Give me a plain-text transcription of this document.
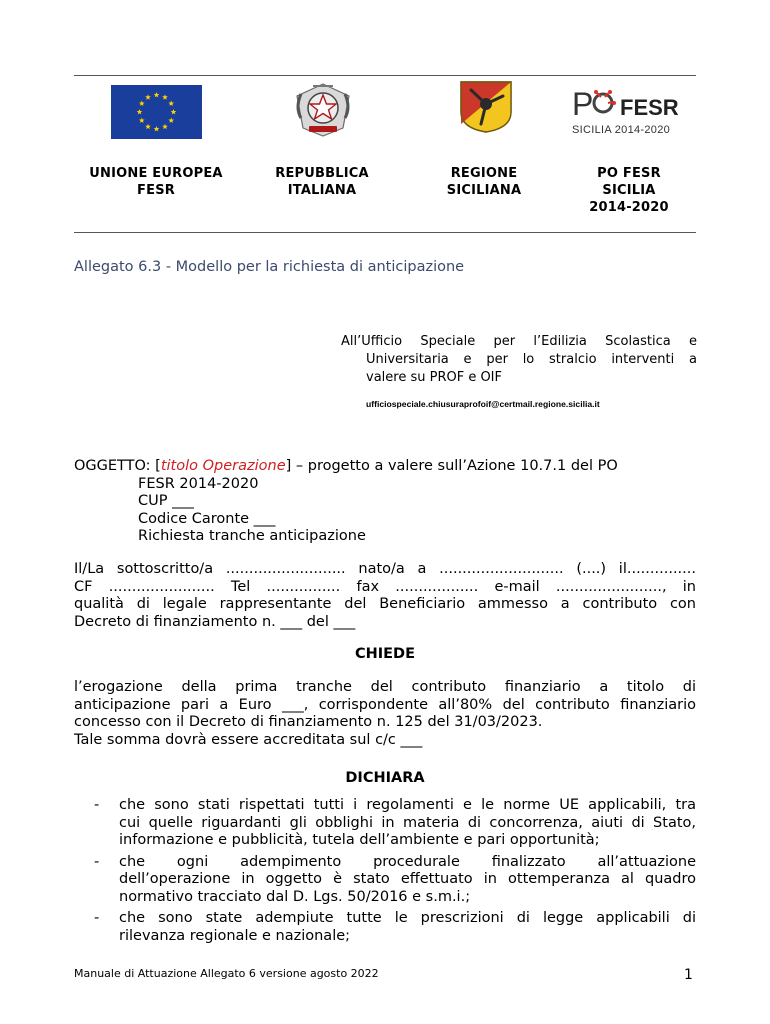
P FESR
SICILIA 2014-2020
UNIONE EUROPEA
FESR
REPUBBLICA
ITALIANA
REGIONE
SICILIANA
PO FESR
SICILIA
2014-2020
Allegato 6.3 - Modello per la richiesta di anticipazione
All’Ufficio Speciale per l’Edilizia Scolastica e
Universitaria e per lo stralcio interventi a
valere su PROF e OIF
ufficiospeciale.chiusuraprofoif@certmail.regione.sicilia.it
OGGETTO: [titolo Operazione] – progetto a valere sull’Azione 10.7.1 del PO
FESR 2014-2020
CUP ___
Codice Caronte ___
Richiesta tranche anticipazione
Il/La sottoscritto/a .......................... nato/a a ........................... (....) il...............
CF ....................... Tel ................ fax .................. e-mail ......................., in
qualità di legale rappresentante del Beneficiario ammesso a contributo con
Decreto di finanziamento n. ___ del ___
CHIEDE
l’erogazione della prima tranche del contributo finanziario a titolo di
anticipazione pari a Euro ___, corrispondente all’80% del contributo finanziario
concesso con il Decreto di finanziamento n. 125 del 31/03/2023.
Tale somma dovrà essere accreditata sul c/c ___
DICHIARA
- che sono stati rispettati tutti i regolamenti e le norme UE applicabili, tra
cui quelle riguardanti gli obblighi in materia di concorrenza, aiuti di Stato,
informazione e pubblicità, tutela dell’ambiente e pari opportunità;
- che ogni adempimento procedurale finalizzato all’attuazione
dell’operazione in oggetto è stato effettuato in ottemperanza al quadro
normativo tracciato dal D. Lgs. 50/2016 e s.m.i.;
- che sono state adempiute tutte le prescrizioni di legge applicabili di
rilevanza regionale e nazionale;
Manuale di Attuazione Allegato 6 versione agosto 2022	1
